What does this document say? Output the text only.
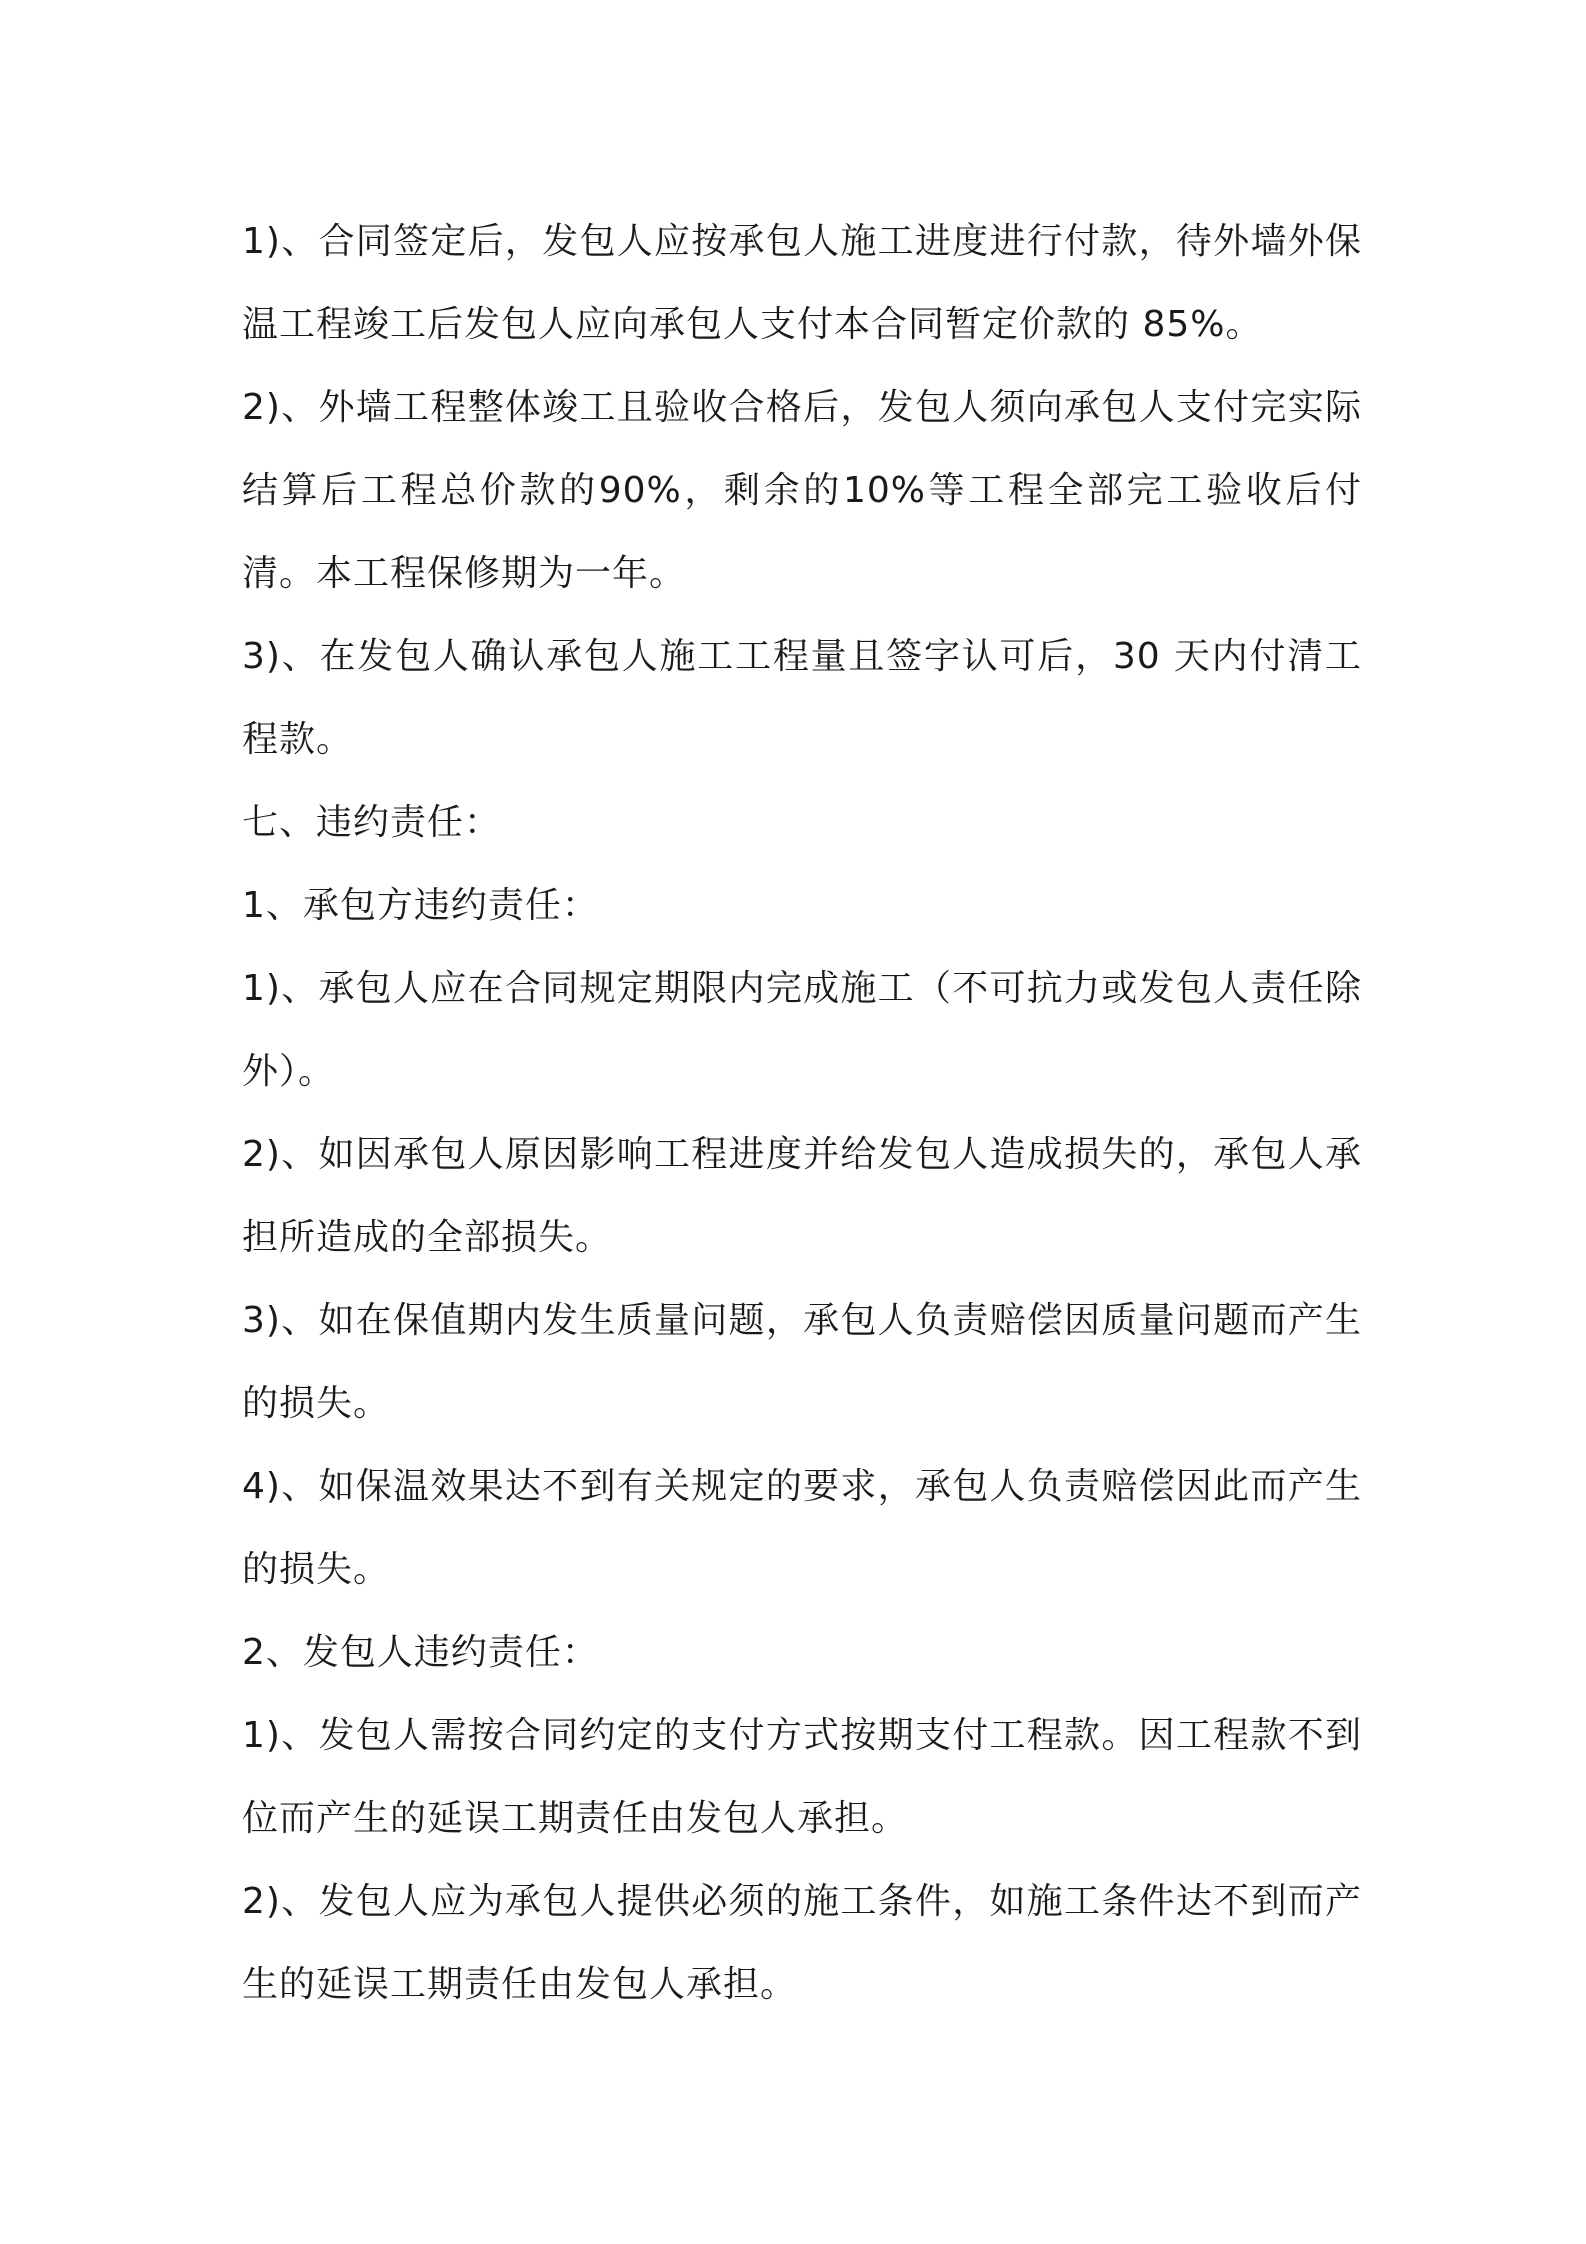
1)、合同签定后，发包人应按承包人施工进度进行付款，待外墙外保温工程竣工后发包人应向承包人支付本合同暂定价款的 85%。

2)、外墙工程整体竣工且验收合格后，发包人须向承包人支付完实际结算后工程总价款的90%，剩余的10%等工程全部完工验收后付清。本工程保修期为一年。

3)、在发包人确认承包人施工工程量且签字认可后，30 天内付清工程款。

七、违约责任：

1、承包方违约责任：

1)、承包人应在合同规定期限内完成施工（不可抗力或发包人责任除外）。

2)、如因承包人原因影响工程进度并给发包人造成损失的，承包人承担所造成的全部损失。

3)、如在保值期内发生质量问题，承包人负责赔偿因质量问题而产生的损失。

4)、如保温效果达不到有关规定的要求，承包人负责赔偿因此而产生的损失。

2、发包人违约责任：

1)、发包人需按合同约定的支付方式按期支付工程款。因工程款不到位而产生的延误工期责任由发包人承担。

2)、发包人应为承包人提供必须的施工条件，如施工条件达不到而产生的延误工期责任由发包人承担。
